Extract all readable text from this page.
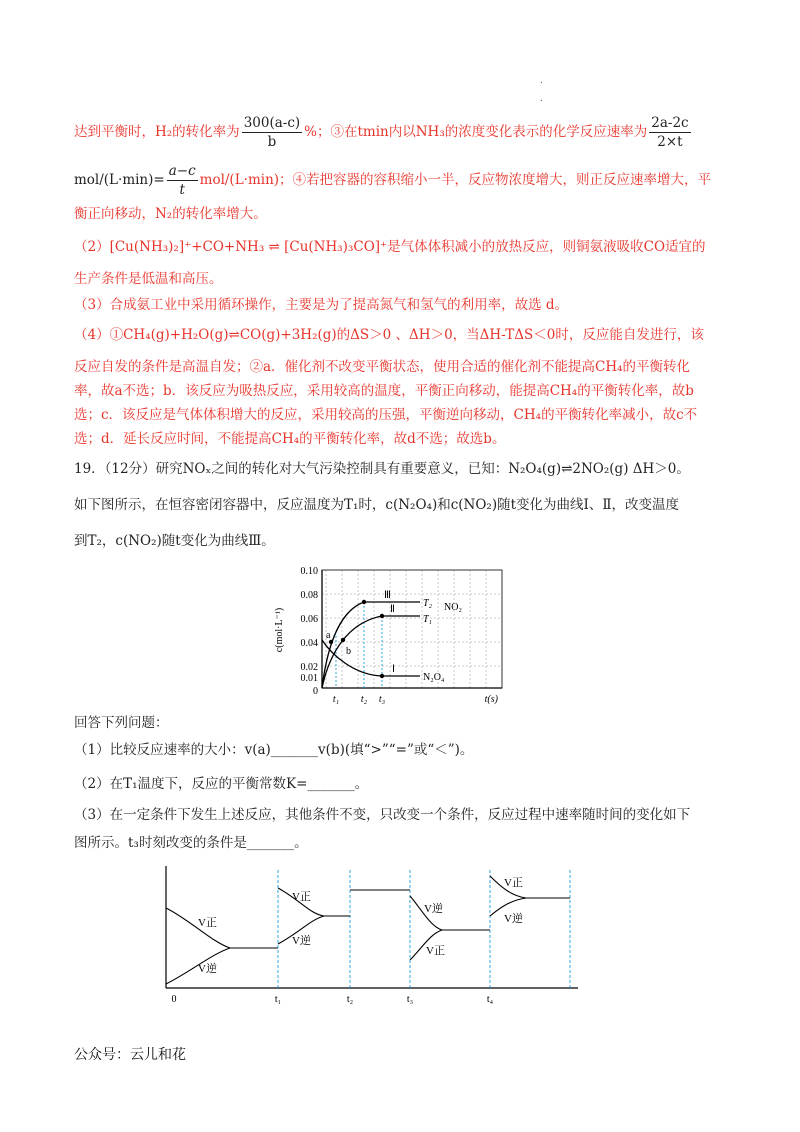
.
.
达到平衡时，H₂的转化率为 $\frac{300(a-c)}{b}$ %；③在tmin内以NH₃的浓度变化表示的化学反应速率为 $\frac{2a-2c}{2\times t}$
$mol/(L\cdot\min)= \frac{a-c}{t} mol/(L\cdot\min)$；④若把容器的容积缩小一半，反应物浓度增大，则正反应速率增大，平
衡正向移动，N₂的转化率增大。
（2）[Cu(NH₃)₂]⁺+CO+NH₃ ⇌ [Cu(NH₃)₃CO]⁺是气体体积减小的放热反应，则铜氨液吸收CO适宜的
生产条件是低温和高压。
（3）合成氨工业中采用循环操作，主要是为了提高氮气和氢气的利用率，故选 d。
（4）①CH₄(g)+H₂O(g)⇌CO(g)+3H₂(g)的ΔS＞0 、ΔH＞0，当ΔH-TΔS＜0时，反应能自发进行，该
反应自发的条件是高温自发；②a．催化剂不改变平衡状态，使用合适的催化剂不能提高CH₄的平衡转化
率，故a不选；b．该反应为吸热反应，采用较高的温度，平衡正向移动，能提高CH₄的平衡转化率，故b
选；c．该反应是气体体积增大的反应，采用较高的压强，平衡逆向移动，CH₄的平衡转化率减小，故c不
选；d．延长反应时间，不能提高CH₄的平衡转化率，故d不选；故选b。
19．（12分）研究NOₓ之间的转化对大气污染控制具有重要意义，已知：N₂O₄(g)⇌2NO₂(g) ΔH＞0。
如下图所示，在恒容密闭容器中，反应温度为T₁时，c(N₂O₄)和c(NO₂)随t变化为曲线Ⅰ、Ⅱ，改变温度
到T₂，c(NO₂)随t变化为曲线Ⅲ。
0.10
0.08
0.06
0.04
0.02
0.01
0
c(mol·L⁻¹)
t₁ t₂ t₃	t(s)
a
b
Ⅲ
Ⅱ
Ⅰ
T₂ NO₂
T₁
N₂O₄
回答下列问题：
（1）比较反应速率的大小：v(a)_______v(b)(填“>”“=”或“＜”)。
（2）在T₁温度下，反应的平衡常数K=_______。
（3）在一定条件下发生上述反应，其他条件不变，只改变一个条件，反应过程中速率随时间的变化如下
图所示。t₃时刻改变的条件是_______。
V正
V逆
V正
V逆
V逆
V正
V正
V逆
0	t₁	t₂	t₃	t₄
公众号：云儿和花
